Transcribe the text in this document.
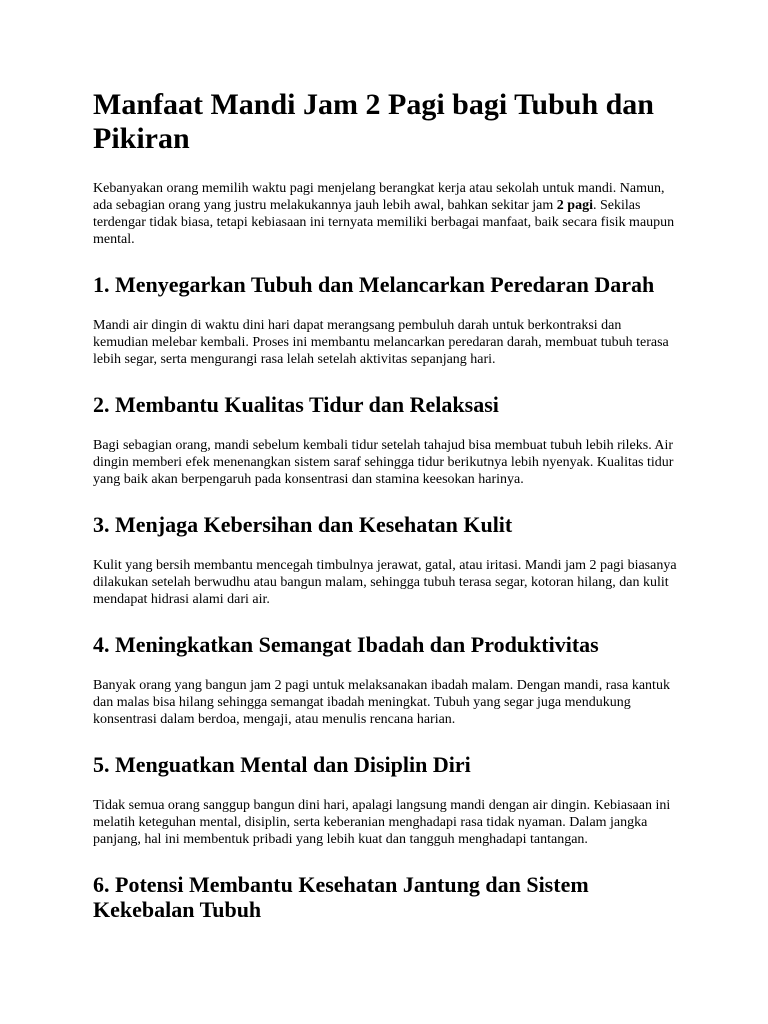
Manfaat Mandi Jam 2 Pagi bagi Tubuh dan Pikiran

Kebanyakan orang memilih waktu pagi menjelang berangkat kerja atau sekolah untuk mandi. Namun, ada sebagian orang yang justru melakukannya jauh lebih awal, bahkan sekitar jam 2 pagi. Sekilas terdengar tidak biasa, tetapi kebiasaan ini ternyata memiliki berbagai manfaat, baik secara fisik maupun mental.

1. Menyegarkan Tubuh dan Melancarkan Peredaran Darah

Mandi air dingin di waktu dini hari dapat merangsang pembuluh darah untuk berkontraksi dan kemudian melebar kembali. Proses ini membantu melancarkan peredaran darah, membuat tubuh terasa lebih segar, serta mengurangi rasa lelah setelah aktivitas sepanjang hari.

2. Membantu Kualitas Tidur dan Relaksasi

Bagi sebagian orang, mandi sebelum kembali tidur setelah tahajud bisa membuat tubuh lebih rileks. Air dingin memberi efek menenangkan sistem saraf sehingga tidur berikutnya lebih nyenyak. Kualitas tidur yang baik akan berpengaruh pada konsentrasi dan stamina keesokan harinya.

3. Menjaga Kebersihan dan Kesehatan Kulit

Kulit yang bersih membantu mencegah timbulnya jerawat, gatal, atau iritasi. Mandi jam 2 pagi biasanya dilakukan setelah berwudhu atau bangun malam, sehingga tubuh terasa segar, kotoran hilang, dan kulit mendapat hidrasi alami dari air.

4. Meningkatkan Semangat Ibadah dan Produktivitas

Banyak orang yang bangun jam 2 pagi untuk melaksanakan ibadah malam. Dengan mandi, rasa kantuk dan malas bisa hilang sehingga semangat ibadah meningkat. Tubuh yang segar juga mendukung konsentrasi dalam berdoa, mengaji, atau menulis rencana harian.

5. Menguatkan Mental dan Disiplin Diri

Tidak semua orang sanggup bangun dini hari, apalagi langsung mandi dengan air dingin. Kebiasaan ini melatih keteguhan mental, disiplin, serta keberanian menghadapi rasa tidak nyaman. Dalam jangka panjang, hal ini membentuk pribadi yang lebih kuat dan tangguh menghadapi tantangan.

6. Potensi Membantu Kesehatan Jantung dan Sistem Kekebalan Tubuh
